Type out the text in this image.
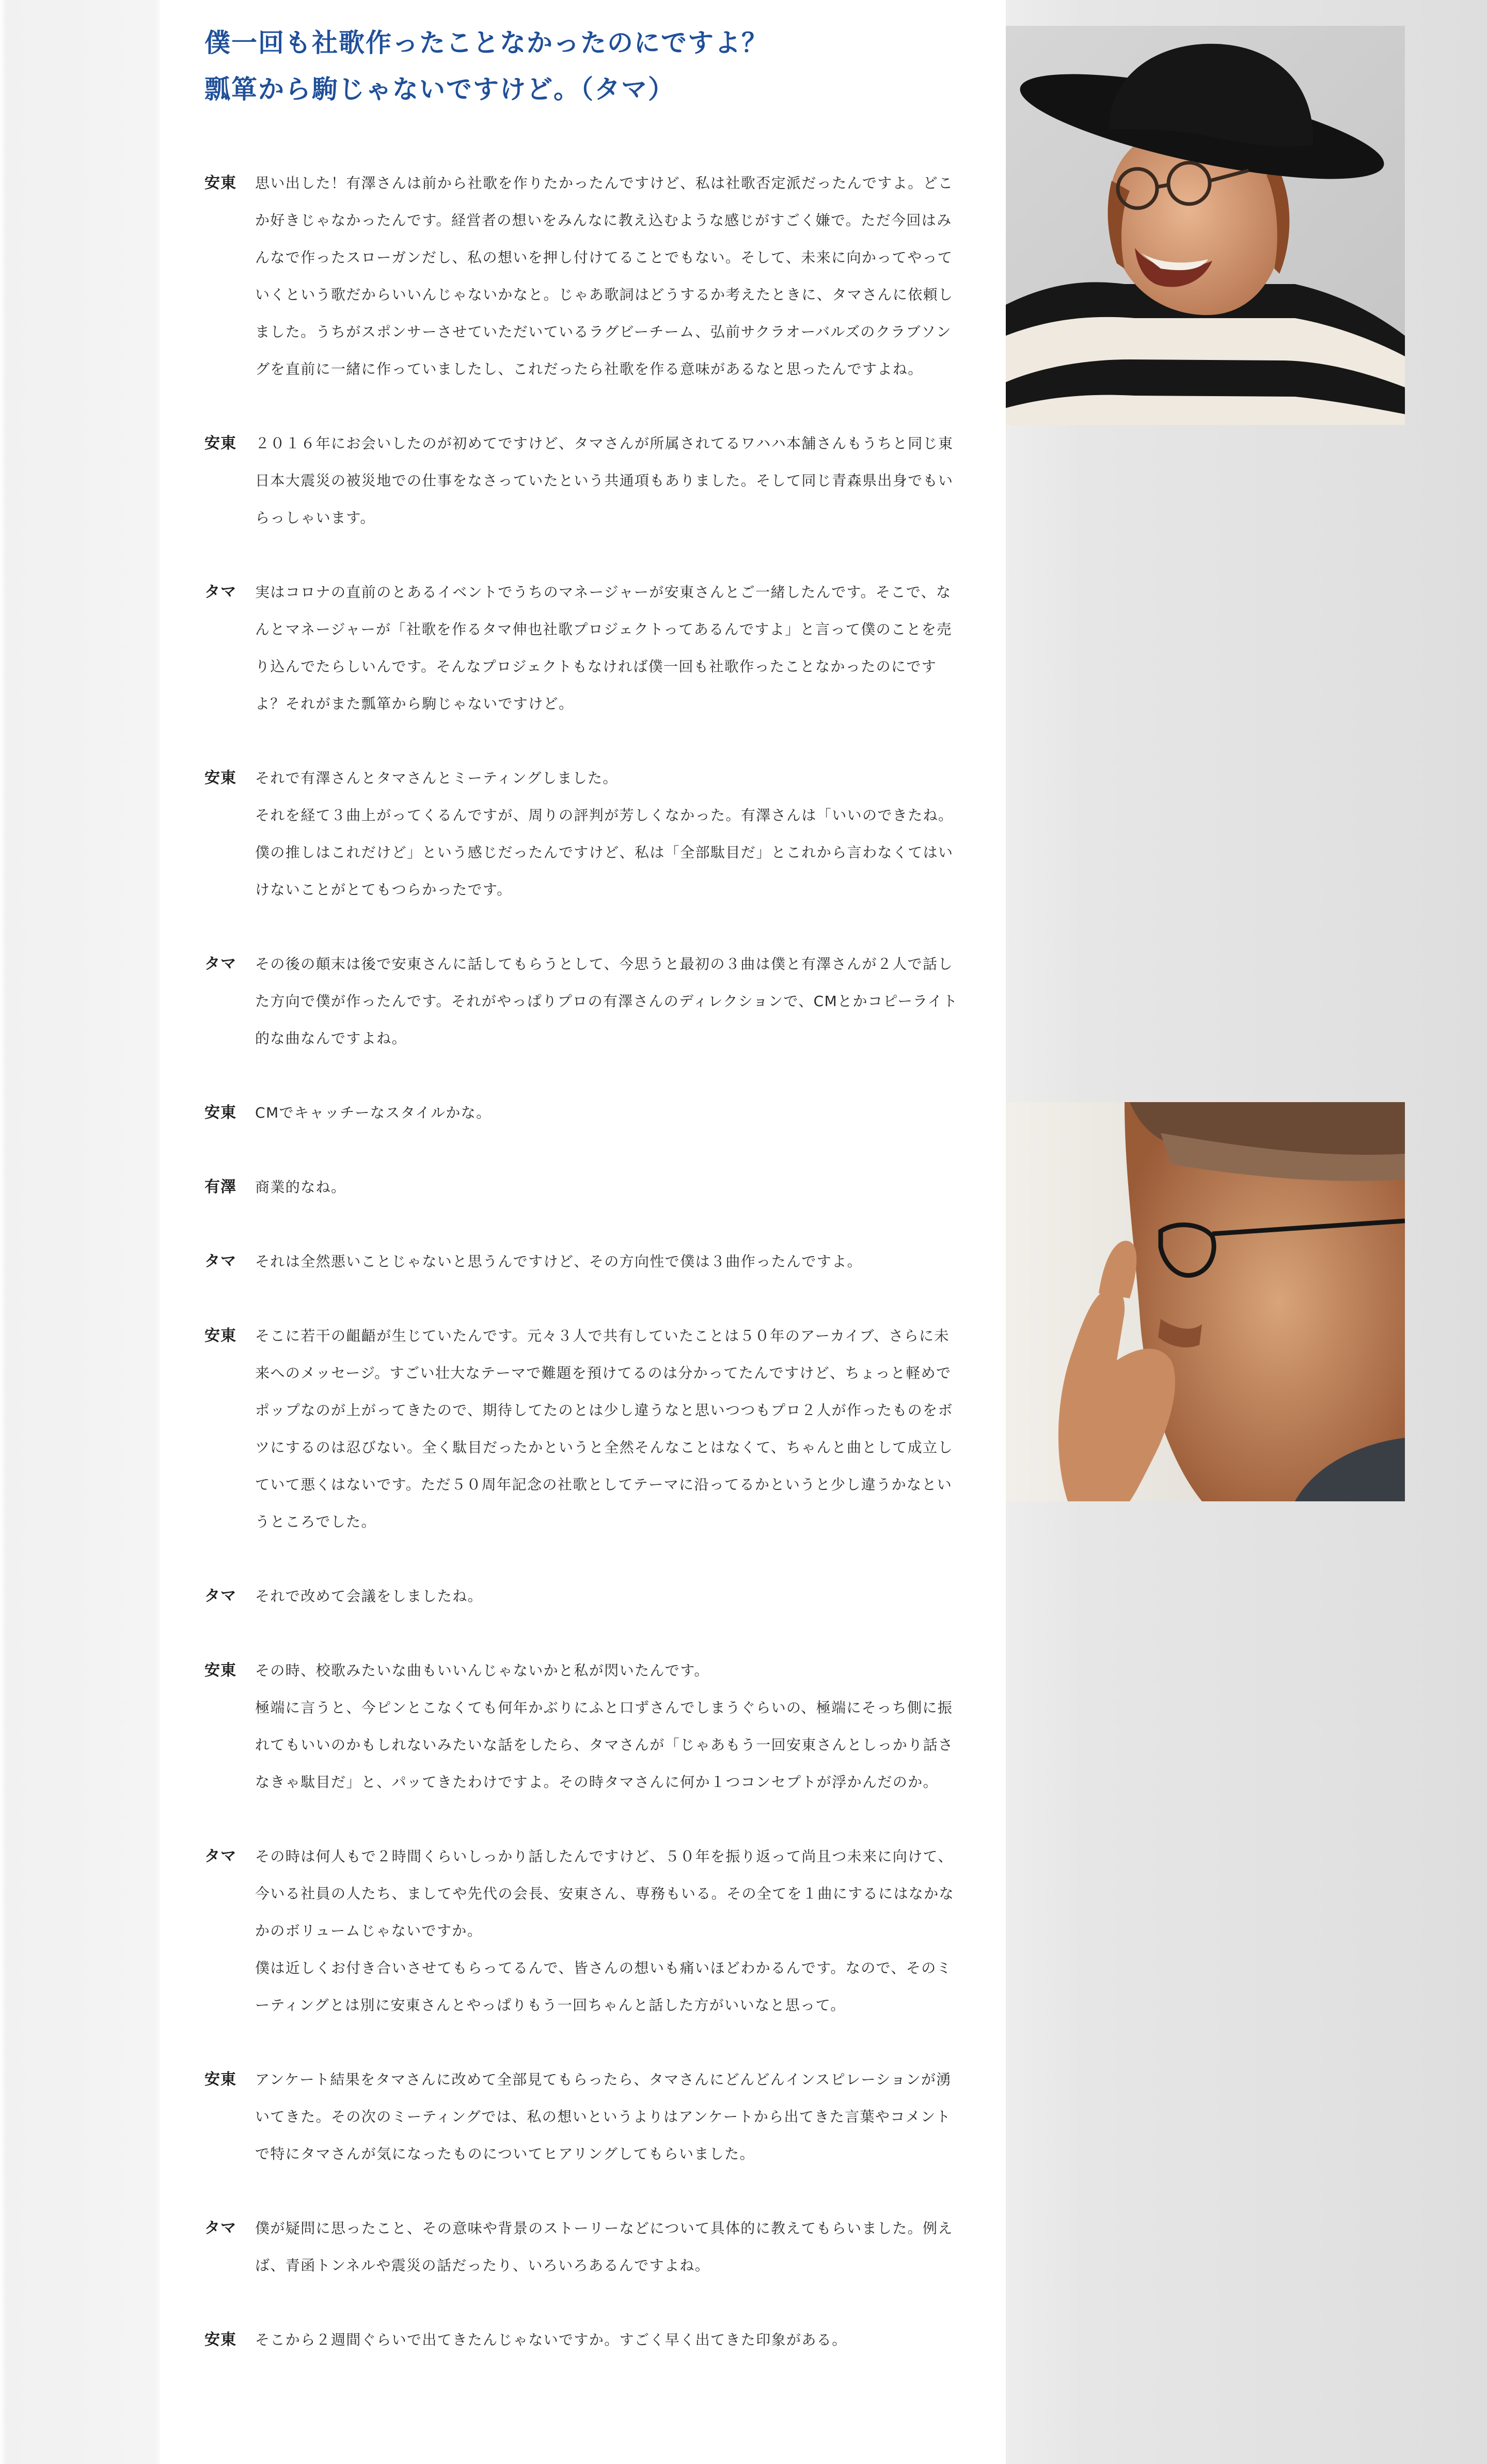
僕一回も社歌作ったことなかったのにですよ？
瓢箪から駒じゃないですけど。（タマ）
安東	思い出した！有澤さんは前から社歌を作りたかったんですけど、私は社歌否定派だったんですよ。どこか好きじゃなかったんです。経営者の想いをみんなに教え込むような感じがすごく嫌で。ただ今回はみんなで作ったスローガンだし、私の想いを押し付けてることでもない。そして、未来に向かってやっていくという歌だからいいんじゃないかなと。じゃあ歌詞はどうするか考えたときに、タマさんに依頼しました。うちがスポンサーさせていただいているラグビーチーム、弘前サクラオーバルズのクラブソングを直前に一緒に作っていましたし、これだったら社歌を作る意味があるなと思ったんですよね。

安東	２０１６年にお会いしたのが初めてですけど、タマさんが所属されてるワハハ本舗さんもうちと同じ東日本大震災の被災地での仕事をなさっていたという共通項もありました。そして同じ青森県出身でもいらっしゃいます。

タマ	実はコロナの直前のとあるイベントでうちのマネージャーが安東さんとご一緒したんです。そこで、なんとマネージャーが「社歌を作るタマ伸也社歌プロジェクトってあるんですよ」と言って僕のことを売り込んでたらしいんです。そんなプロジェクトもなければ僕一回も社歌作ったことなかったのにですよ？それがまた瓢箪から駒じゃないですけど。

安東	それで有澤さんとタマさんとミーティングしました。

それを経て３曲上がってくるんですが、周りの評判が芳しくなかった。有澤さんは「いいのできたね。僕の推しはこれだけど」という感じだったんですけど、私は「全部駄目だ」とこれから言わなくてはいけないことがとてもつらかったです。

タマ	その後の顛末は後で安東さんに話してもらうとして、今思うと最初の３曲は僕と有澤さんが２人で話した方向で僕が作ったんです。それがやっぱりプロの有澤さんのディレクションで、CMとかコピーライト的な曲なんですよね。

安東	CMでキャッチーなスタイルかな。

有澤	商業的なね。

タマ	それは全然悪いことじゃないと思うんですけど、その方向性で僕は３曲作ったんですよ。

安東	そこに若干の齟齬が生じていたんです。元々３人で共有していたことは５０年のアーカイブ、さらに未来へのメッセージ。すごい壮大なテーマで難題を預けてるのは分かってたんですけど、ちょっと軽めでポップなのが上がってきたので、期待してたのとは少し違うなと思いつつもプロ２人が作ったものをボツにするのは忍びない。全く駄目だったかというと全然そんなことはなくて、ちゃんと曲として成立していて悪くはないです。ただ５０周年記念の社歌としてテーマに沿ってるかというと少し違うかなというところでした。

タマ	それで改めて会議をしましたね。

安東	その時、校歌みたいな曲もいいんじゃないかと私が閃いたんです。

極端に言うと、今ピンとこなくても何年かぶりにふと口ずさんでしまうぐらいの、極端にそっち側に振れてもいいのかもしれないみたいな話をしたら、タマさんが「じゃあもう一回安東さんとしっかり話さなきゃ駄目だ」と、パッてきたわけですよ。その時タマさんに何か１つコンセプトが浮かんだのか。

タマ	その時は何人もで２時間くらいしっかり話したんですけど、５０年を振り返って尚且つ未来に向けて、今いる社員の人たち、ましてや先代の会長、安東さん、専務もいる。その全てを１曲にするにはなかなかのボリュームじゃないですか。

僕は近しくお付き合いさせてもらってるんで、皆さんの想いも痛いほどわかるんです。なので、そのミーティングとは別に安東さんとやっぱりもう一回ちゃんと話した方がいいなと思って。

安東	アンケート結果をタマさんに改めて全部見てもらったら、タマさんにどんどんインスピレーションが湧いてきた。その次のミーティングでは、私の想いというよりはアンケートから出てきた言葉やコメントで特にタマさんが気になったものについてヒアリングしてもらいました。

タマ	僕が疑問に思ったこと、その意味や背景のストーリーなどについて具体的に教えてもらいました。例えば、青函トンネルや震災の話だったり、いろいろあるんですよね。

安東	そこから２週間ぐらいで出てきたんじゃないですか。すごく早く出てきた印象がある。
